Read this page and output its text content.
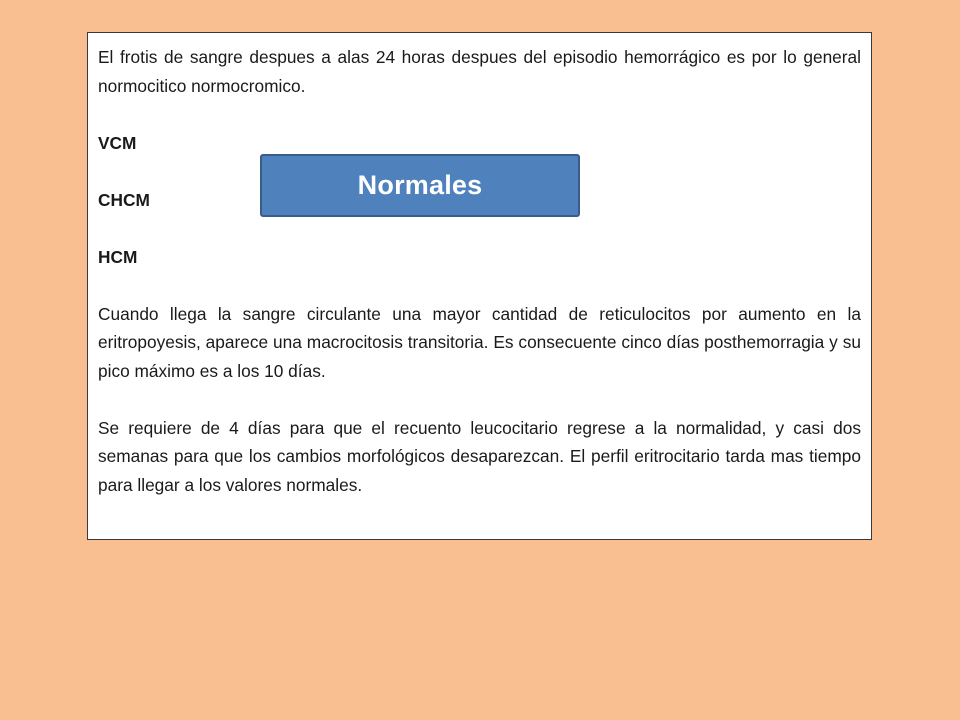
El frotis de sangre despues a alas 24 horas despues del episodio hemorrágico es por lo general normocitico normocromico.

VCM

CHCM

HCM

Cuando llega la sangre circulante una mayor cantidad de reticulocitos por aumento en la eritropoyesis, aparece una macrocitosis transitoria. Es consecuente cinco días posthemorragia y su pico máximo es a los 10 días.

Se requiere de 4 días para que el recuento leucocitario regrese a la normalidad, y casi dos semanas para que los cambios morfológicos desaparezcan. El perfil eritrocitario tarda mas tiempo para llegar a los valores normales.

Normales
